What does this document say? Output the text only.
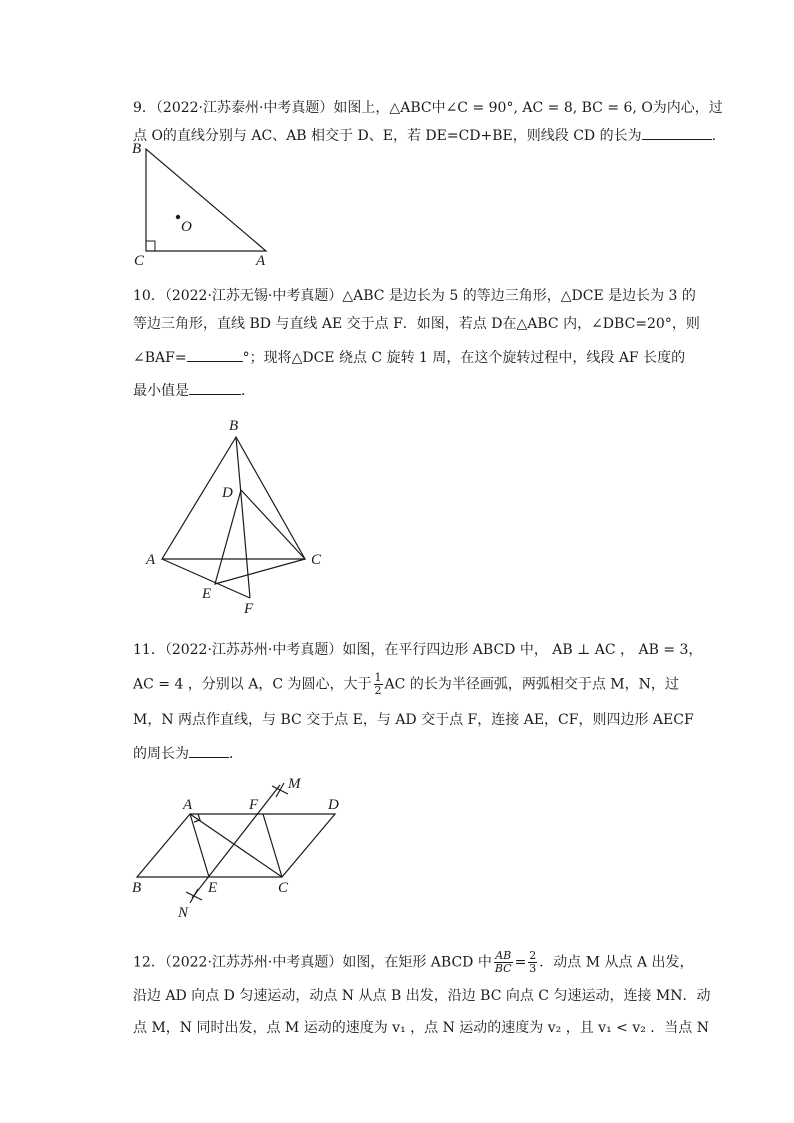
9．（2022·江苏泰州·中考真题）如图上，△ABC中∠C = 90°, AC = 8, BC = 6, O为内心，过
点 O的直线分别与 AC、AB 相交于 D、E，若 DE=CD+BE，则线段 CD 的长为	.
B
C	A
O
10．（2022·江苏无锡·中考真题）△ABC 是边长为 5 的等边三角形，△DCE 是边长为 3 的
等边三角形，直线 BD 与直线 AE 交于点 F．如图，若点 D在△ABC 内，∠DBC=20°，则
∠BAF=	°；现将△DCE 绕点 C 旋转 1 周，在这个旋转过程中，线段 AF 长度的
最小值是	．
B
D
A	C
E
F
11．（2022·江苏苏州·中考真题）如图，在平行四边形 ABCD 中， AB ⊥ AC ， AB = 3，
AC = 4 ，分别以 A，C 为圆心，大于 $\frac{1}{2}$ AC 的长为半径画弧，两弧相交于点 M，N，过
M，N 两点作直线，与 BC 交于点 E，与 AD 交于点 F，连接 AE，CF，则四边形 AECF
的周长为	．
A	F	D
M
B	E	C
N
12．（2022·江苏苏州·中考真题）如图，在矩形 ABCD 中 $\frac{AB}{BC} = \frac{2}{3}$ ．动点 M 从点 A 出发，
沿边 AD 向点 D 匀速运动，动点 N 从点 B 出发，沿边 BC 向点 C 匀速运动，连接 MN．动
点 M，N 同时出发，点 M 运动的速度为 v₁ ，点 N 运动的速度为 v₂ ，且 v₁ < v₂ ．当点 N
